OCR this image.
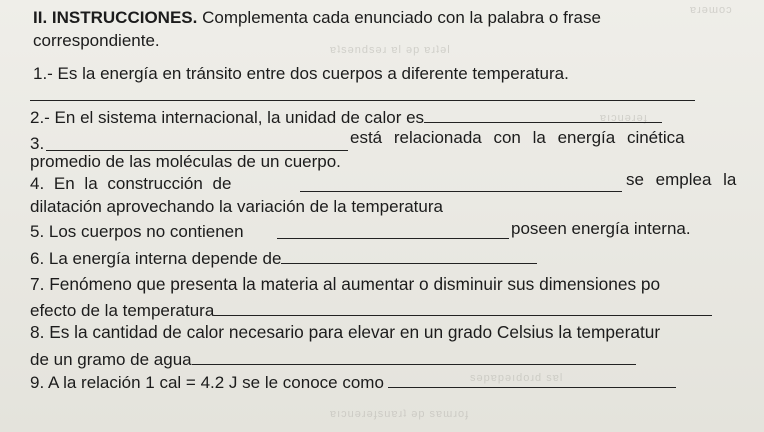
ɐɹǝɯoɔ
ɐʇsǝndsǝɹ ɐl ǝp ɐɹʇǝl
ɐıɔuǝɹǝɟ
sǝpɐpǝıdoɹd sɐl
ɐıɔuǝɹǝɟsuɐɹʇ ǝp sɐɯɹoɟ
II. INSTRUCCIONES. Complementa cada enunciado con la palabra o frase
correspondiente.
1.- Es la energía en tránsito entre dos cuerpos a diferente temperatura.
2.- En el sistema internacional, la unidad de calor es
3.	está relacionada con la energía cinética
promedio de las moléculas de un cuerpo.
4. En la construcción de	se emplea la
dilatación aprovechando la variación de la temperatura
5. Los cuerpos no contienen	poseen energía interna.
6. La energía interna depende de
7. Fenómeno que presenta la materia al aumentar o disminuir sus dimensiones po
efecto de la temperatura
8. Es la cantidad de calor necesario para elevar en un grado Celsius la temperatur
de un gramo de agua
9. A la relación 1 cal = 4.2 J se le conoce como
